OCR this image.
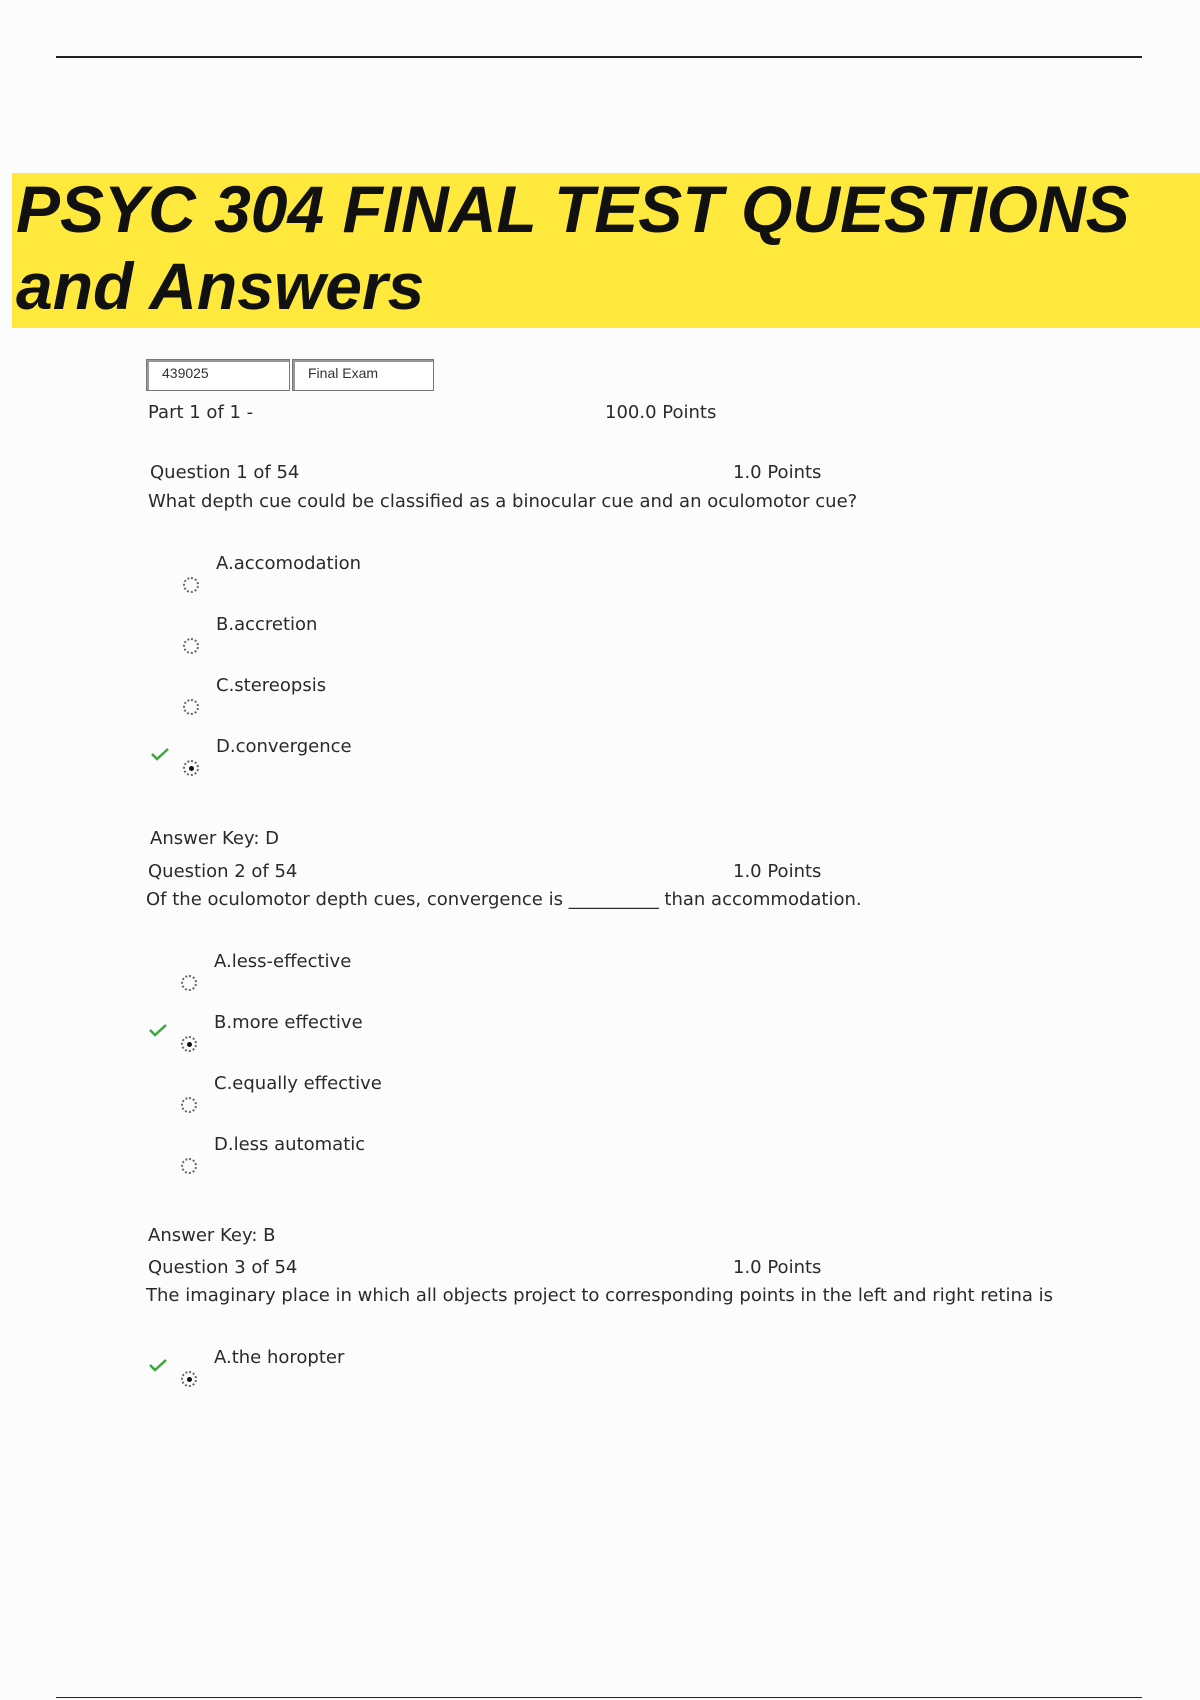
PSYC 304 FINAL TEST QUESTIONS
and Answers
439025	Final Exam
Part 1 of 1 -	100.0 Points
Question 1 of 54	1.0 Points
What depth cue could be classified as a binocular cue and an oculomotor cue?
A.accomodation
B.accretion
C.stereopsis
D.convergence
Answer Key: D
Question 2 of 54	1.0 Points
Of the oculomotor depth cues, convergence is __________ than accommodation.
A.less-effective
B.more effective
C.equally effective
D.less automatic
Answer Key: B
Question 3 of 54	1.0 Points
The imaginary place in which all objects project to corresponding points in the left and right retina is
A.the horopter
